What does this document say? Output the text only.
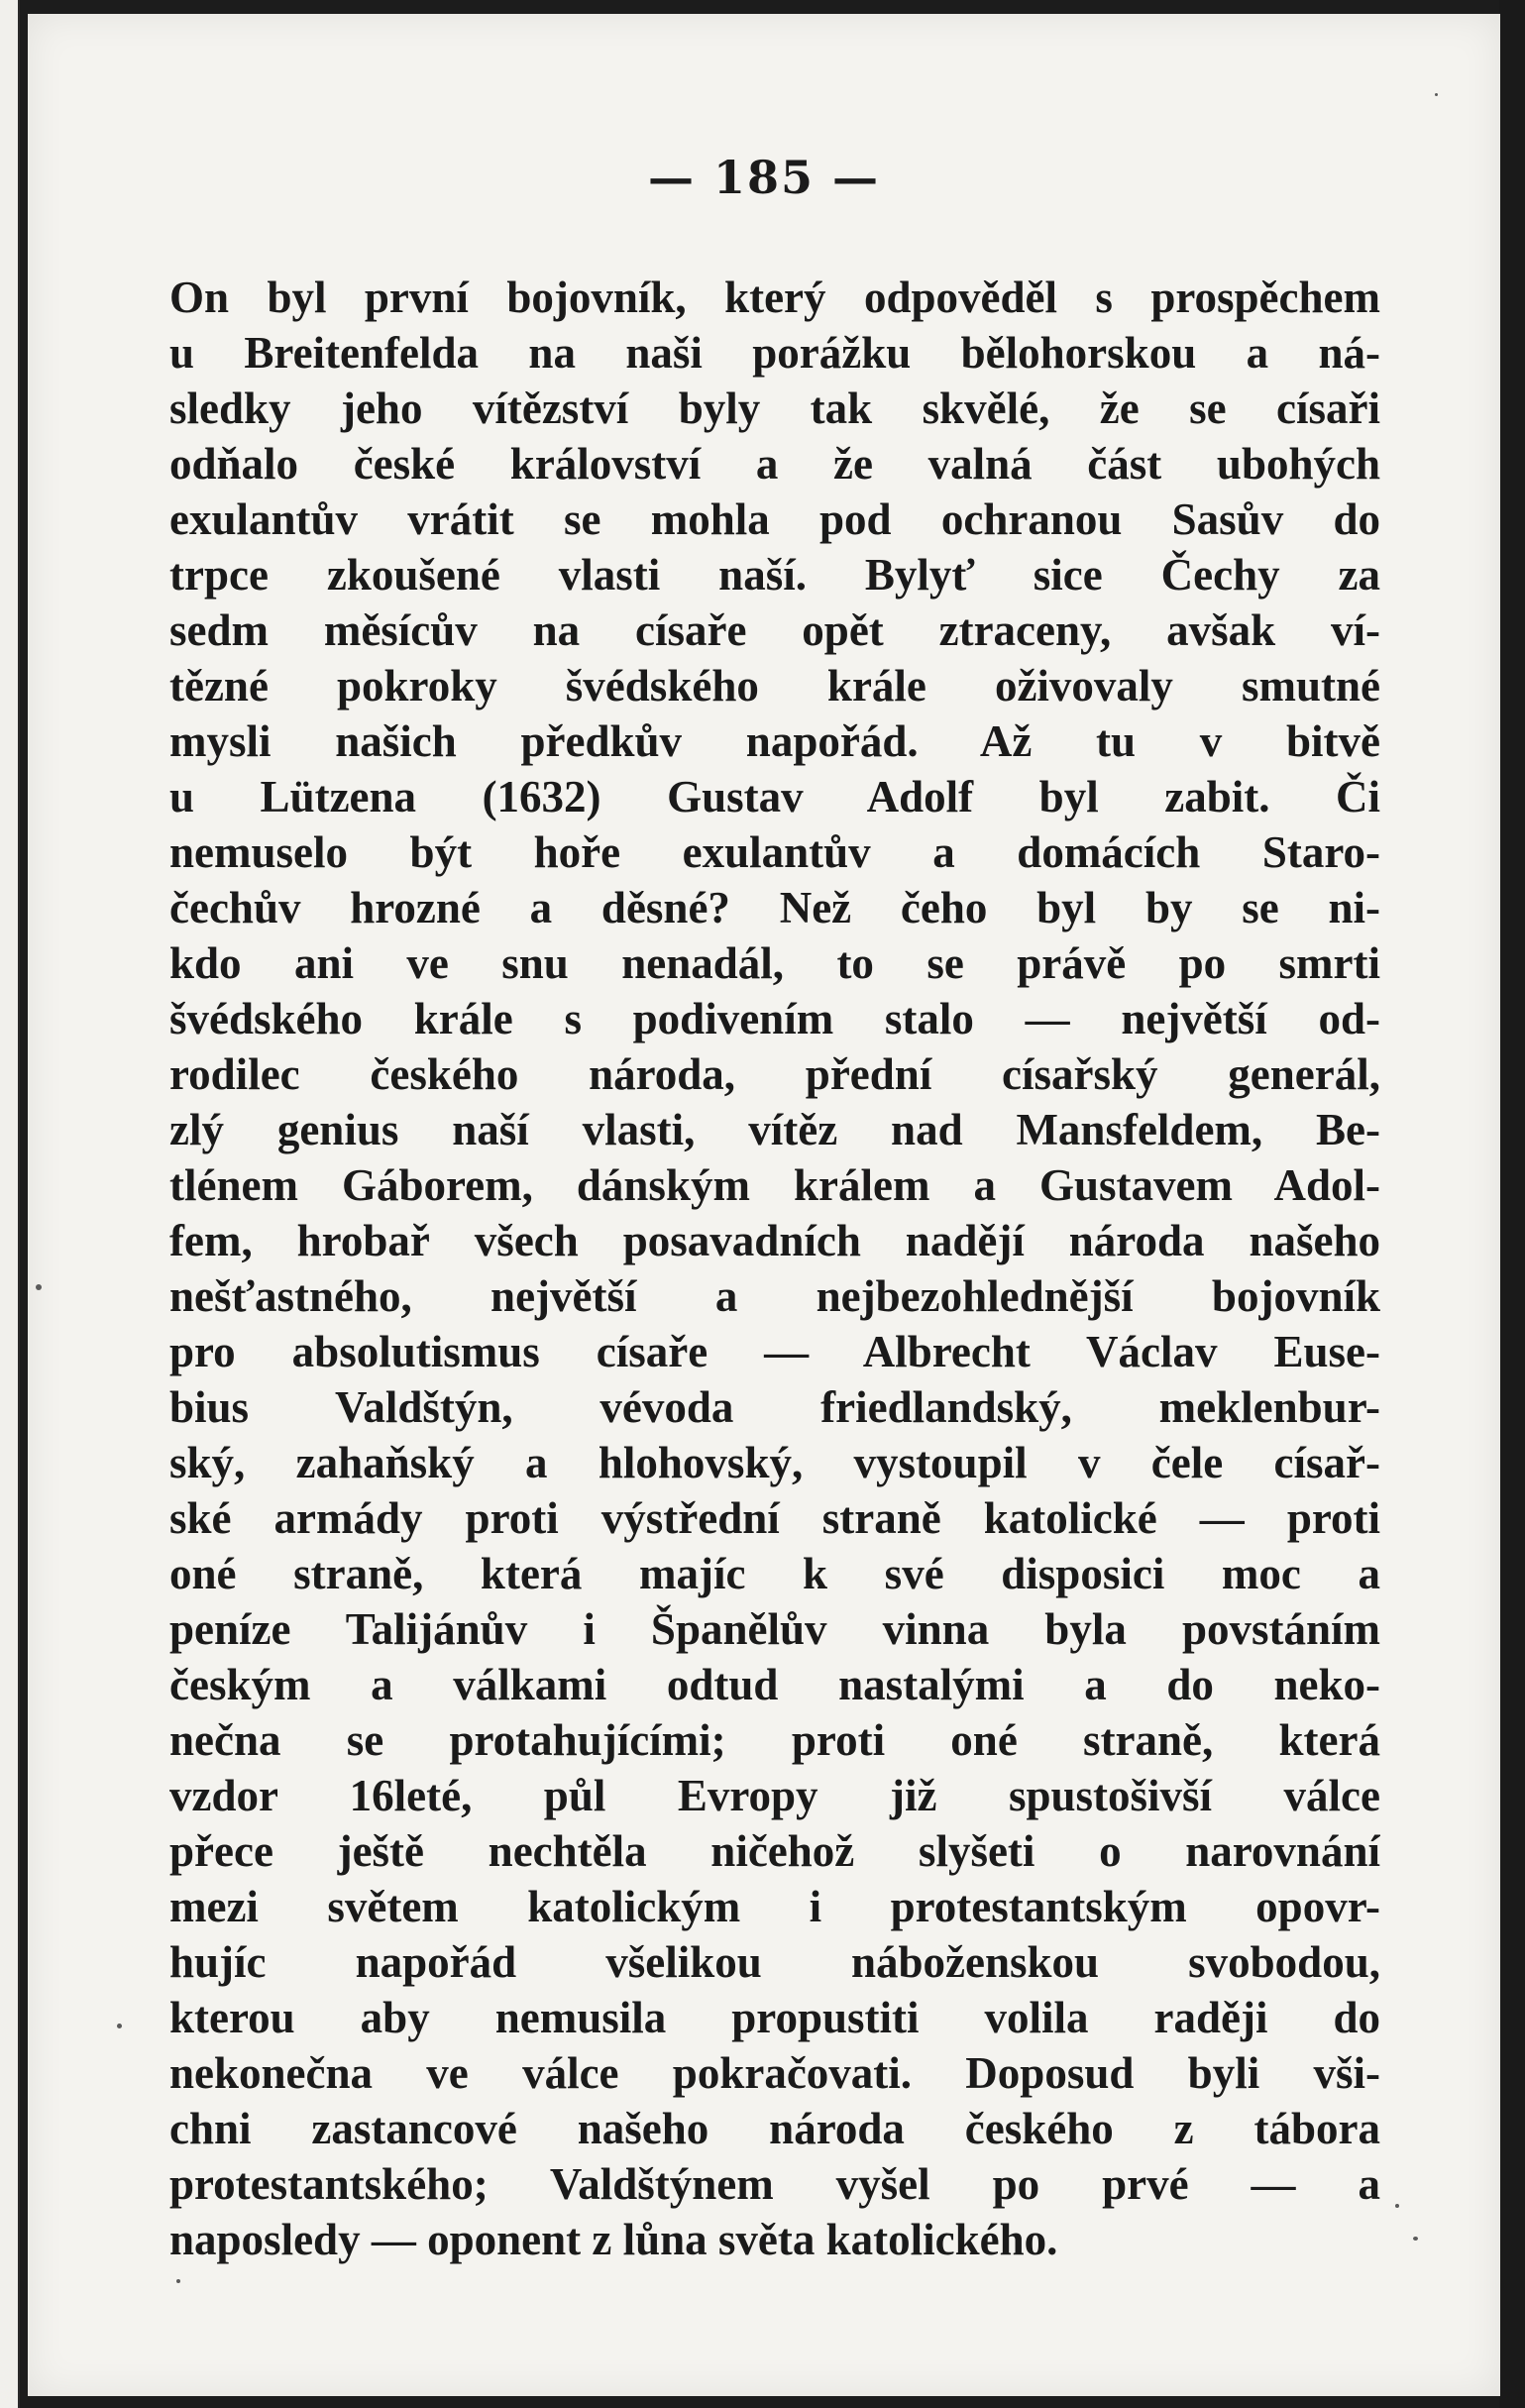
— 185 —
On byl první bojovník, který odpověděl s prospěchem
u Breitenfelda na naši porážku bělohorskou a ná-
sledky jeho vítězství byly tak skvělé, že se císaři
odňalo české království a že valná část ubohých
exulantův vrátit se mohla pod ochranou Sasův do
trpce zkoušené vlasti naší. Bylyť sice Čechy za
sedm měsícův na císaře opět ztraceny, avšak ví-
tězné pokroky švédského krále oživovaly smutné
mysli našich předkův napořád. Až tu v bitvě
u Lützena (1632) Gustav Adolf byl zabit. Či
nemuselo být hoře exulantův a domácích Staro-
čechův hrozné a děsné? Než čeho byl by se ni-
kdo ani ve snu nenadál, to se právě po smrti
švédského krále s podivením stalo — největší od-
rodilec českého národa, přední císařský generál,
zlý genius naší vlasti, vítěz nad Mansfeldem, Be-
tlénem Gáborem, dánským králem a Gustavem Adol-
fem, hrobař všech posavadních nadějí národa našeho
nešťastného, největší a nejbezohlednější bojovník
pro absolutismus císaře — Albrecht Václav Euse-
bius Valdštýn, vévoda friedlandský, meklenbur-
ský, zahaňský a hlohovský, vystoupil v čele císař-
ské armády proti výstřední straně katolické — proti
oné straně, která majíc k své disposici moc a
peníze Talijánův i Španělův vinna byla povstáním
českým a válkami odtud nastalými a do neko-
nečna se protahujícími; proti oné straně, která
vzdor 16leté, půl Evropy již spustošivší válce
přece ještě nechtěla ničehož slyšeti o narovnání
mezi světem katolickým i protestantským opovr-
hujíc napořád všelikou náboženskou svobodou,
kterou aby nemusila propustiti volila raději do
nekonečna ve válce pokračovati. Doposud byli vši-
chni zastancové našeho národa českého z tábora
protestantského; Valdštýnem vyšel po prvé — a
naposledy — oponent z lůna světa katolického.
